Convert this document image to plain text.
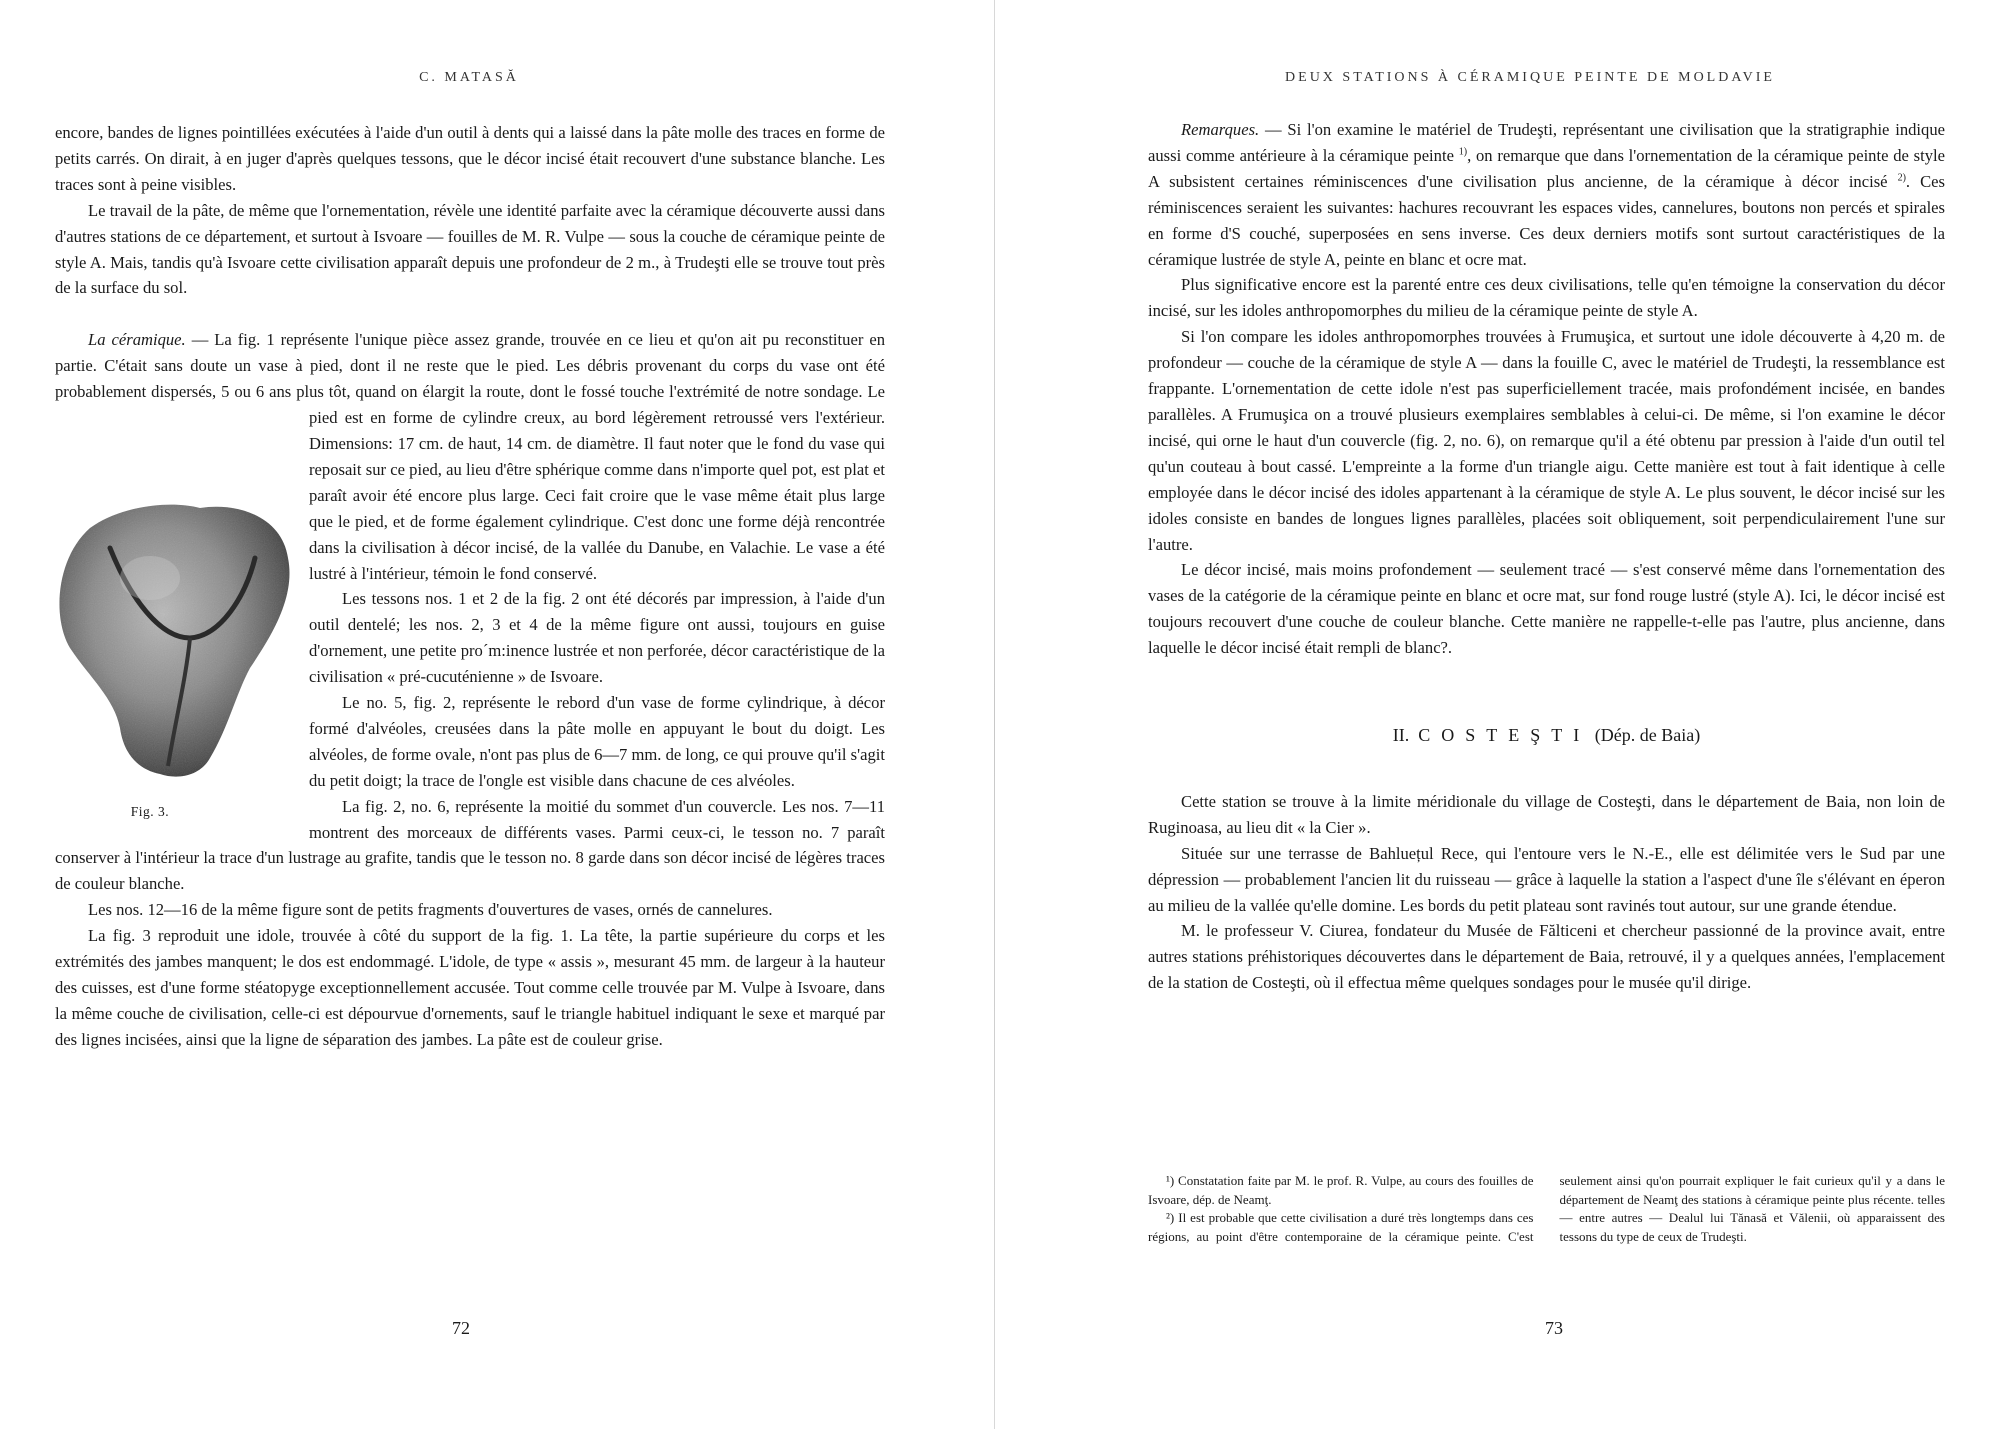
C. MATASĂ

encore, bandes de lignes pointillées exécutées à l'aide d'un outil à dents qui a laissé dans la pâte molle des traces en forme de petits carrés. On dirait, à en juger d'après quelques tessons, que le décor incisé était recouvert d'une substance blanche. Les traces sont à peine visibles.

Le travail de la pâte, de même que l'ornementation, révèle une identité parfaite avec la céramique découverte aussi dans d'autres stations de ce département, et surtout à Isvoare — fouilles de M. R. Vulpe — sous la couche de céramique peinte de style A. Mais, tandis qu'à Isvoare cette civilisation apparaît depuis une profondeur de 2 m., à Trudeşti elle se trouve tout près de la surface du sol.

La céramique. — La fig. 1 représente l'unique pièce assez grande, trouvée en ce lieu et qu'on ait pu reconstituer en partie. C'était sans doute un vase à pied, dont il ne reste que le pied. Les débris provenant du corps du vase ont été probablement dispersés, 5 ou 6 ans plus tôt, quand on élargit la route, dont le fossé touche l'extrémité de notre sondage. Le pied est en forme de cylindre creux, au bord légèrement retroussé vers l'extérieur. Dimensions: 17 cm. de haut, 14 cm. de diamètre. Il faut noter que le fond du vase qui reposait sur ce pied, au lieu d'être sphérique comme dans n'importe quel pot, est plat et paraît avoir été encore plus large. Ceci fait croire que le vase même était plus large que le pied, et de forme également cylindrique. C'est donc une forme déjà rencontrée dans la civilisation à décor incisé, de la vallée du Danube, en Valachie. Le vase a été lustré à l'intérieur, témoin le fond conservé.

Les tessons nos. 1 et 2 de la fig. 2 ont été décorés par impression, à l'aide d'un outil dentelé; les nos. 2, 3 et 4 de la même figure ont aussi, toujours en guise d'ornement, une petite pro´m:inence lustrée et non perforée, décor caractéristique de la civilisation « pré-cucuténienne » de Isvoare.

Le no. 5, fig. 2, représente le rebord d'un vase de forme cylindrique, à décor formé d'alvéoles, creusées dans la pâte molle en appuyant le bout du doigt. Les alvéoles, de forme ovale, n'ont pas plus de 6—7 mm. de long, ce qui prouve qu'il s'agit du petit doigt; la trace de l'ongle est visible dans chacune de ces alvéoles.

La fig. 2, no. 6, représente la moitié du sommet d'un couvercle. Les nos. 7—11 montrent des morceaux de différents vases. Parmi ceux-ci, le tesson no. 7 paraît conserver à l'intérieur la trace d'un lustrage au grafite, tandis que le tesson no. 8 garde dans son décor incisé de légères traces de couleur blanche.

Les nos. 12—16 de la même figure sont de petits fragments d'ouvertures de vases, ornés de cannelures.

La fig. 3 reproduit une idole, trouvée à côté du support de la fig. 1. La tête, la partie supérieure du corps et les extrémités des jambes manquent; le dos est endommagé. L'idole, de type « assis », mesurant 45 mm. de largeur à la hauteur des cuisses, est d'une forme stéatopyge exceptionnellement accusée. Tout comme celle trouvée par M. Vulpe à Isvoare, dans la même couche de civilisation, celle-ci est dépourvue d'ornements, sauf le triangle habituel indiquant le sexe et marqué par des lignes incisées, ainsi que la ligne de séparation des jambes. La pâte est de couleur grise.

Fig. 3.
72
DEUX STATIONS À CÉRAMIQUE PEINTE DE MOLDAVIE

Remarques. — Si l'on examine le matériel de Trudeşti, représentant une civilisation que la stratigraphie indique aussi comme antérieure à la céramique peinte $^{1)}$, on remarque que dans l'ornementation de la céramique peinte de style A subsistent certaines réminiscences d'une civilisation plus ancienne, de la céramique à décor incisé $^{2)}$. Ces réminiscences seraient les suivantes: hachures recouvrant les espaces vides, cannelures, boutons non percés et spirales en forme d'S couché, superposées en sens inverse. Ces deux derniers motifs sont surtout caractéristiques de la céramique lustrée de style A, peinte en blanc et ocre mat.

Plus significative encore est la parenté entre ces deux civilisations, telle qu'en témoigne la conservation du décor incisé, sur les idoles anthropomorphes du milieu de la céramique peinte de style A.

Si l'on compare les idoles anthropomorphes trouvées à Frumuşica, et surtout une idole découverte à 4,20 m. de profondeur — couche de la céramique de style A — dans la fouille C, avec le matériel de Trudeşti, la ressemblance est frappante. L'ornementation de cette idole n'est pas superficiellement tracée, mais profondément incisée, en bandes parallèles. A Frumuşica on a trouvé plusieurs exemplaires semblables à celui-ci. De même, si l'on examine le décor incisé, qui orne le haut d'un couvercle (fig. 2, no. 6), on remarque qu'il a été obtenu par pression à l'aide d'un outil tel qu'un couteau à bout cassé. L'empreinte a la forme d'un triangle aigu. Cette manière est tout à fait identique à celle employée dans le décor incisé des idoles appartenant à la céramique de style A. Le plus souvent, le décor incisé sur les idoles consiste en bandes de longues lignes parallèles, placées soit obliquement, soit perpendiculairement l'une sur l'autre.

Le décor incisé, mais moins profondement — seulement tracé — s'est conservé même dans l'ornementation des vases de la catégorie de la céramique peinte en blanc et ocre mat, sur fond rouge lustré (style A). Ici, le décor incisé est toujours recouvert d'une couche de couleur blanche. Cette manière ne rappelle-t-elle pas l'autre, plus ancienne, dans laquelle le décor incisé était rempli de blanc?.

II. COSTEŞTI (Dép. de Baia)

Cette station se trouve à la limite méridionale du village de Costeşti, dans le département de Baia, non loin de Ruginoasa, au lieu dit « la Cier ».

Située sur une terrasse de Bahluețul Rece, qui l'entoure vers le N.-E., elle est délimitée vers le Sud par une dépression — probablement l'ancien lit du ruisseau — grâce à laquelle la station a l'aspect d'une île s'élévant en éperon au milieu de la vallée qu'elle domine. Les bords du petit plateau sont ravinés tout autour, sur une grande étendue.

M. le professeur V. Ciurea, fondateur du Musée de Fălticeni et chercheur passionné de la province avait, entre autres stations préhistoriques découvertes dans le département de Baia, retrouvé, il y a quelques années, l'emplacement de la station de Costeşti, où il effectua même quelques sondages pour le musée qu'il dirige.

¹) Constatation faite par M. le prof. R. Vulpe, au cours des fouilles de Isvoare, dép. de Neamţ.

²) Il est probable que cette civilisation a duré très longtemps dans ces régions, au point d'être contemporaine de la céramique peinte. C'est seulement ainsi qu'on pourrait expliquer le fait curieux qu'il y a dans le département de Neamţ des stations à céramique peinte plus récente. telles — entre autres — Dealul lui Tănasă et Vălenii, où apparaissent des tessons du type de ceux de Trudeşti.

73
